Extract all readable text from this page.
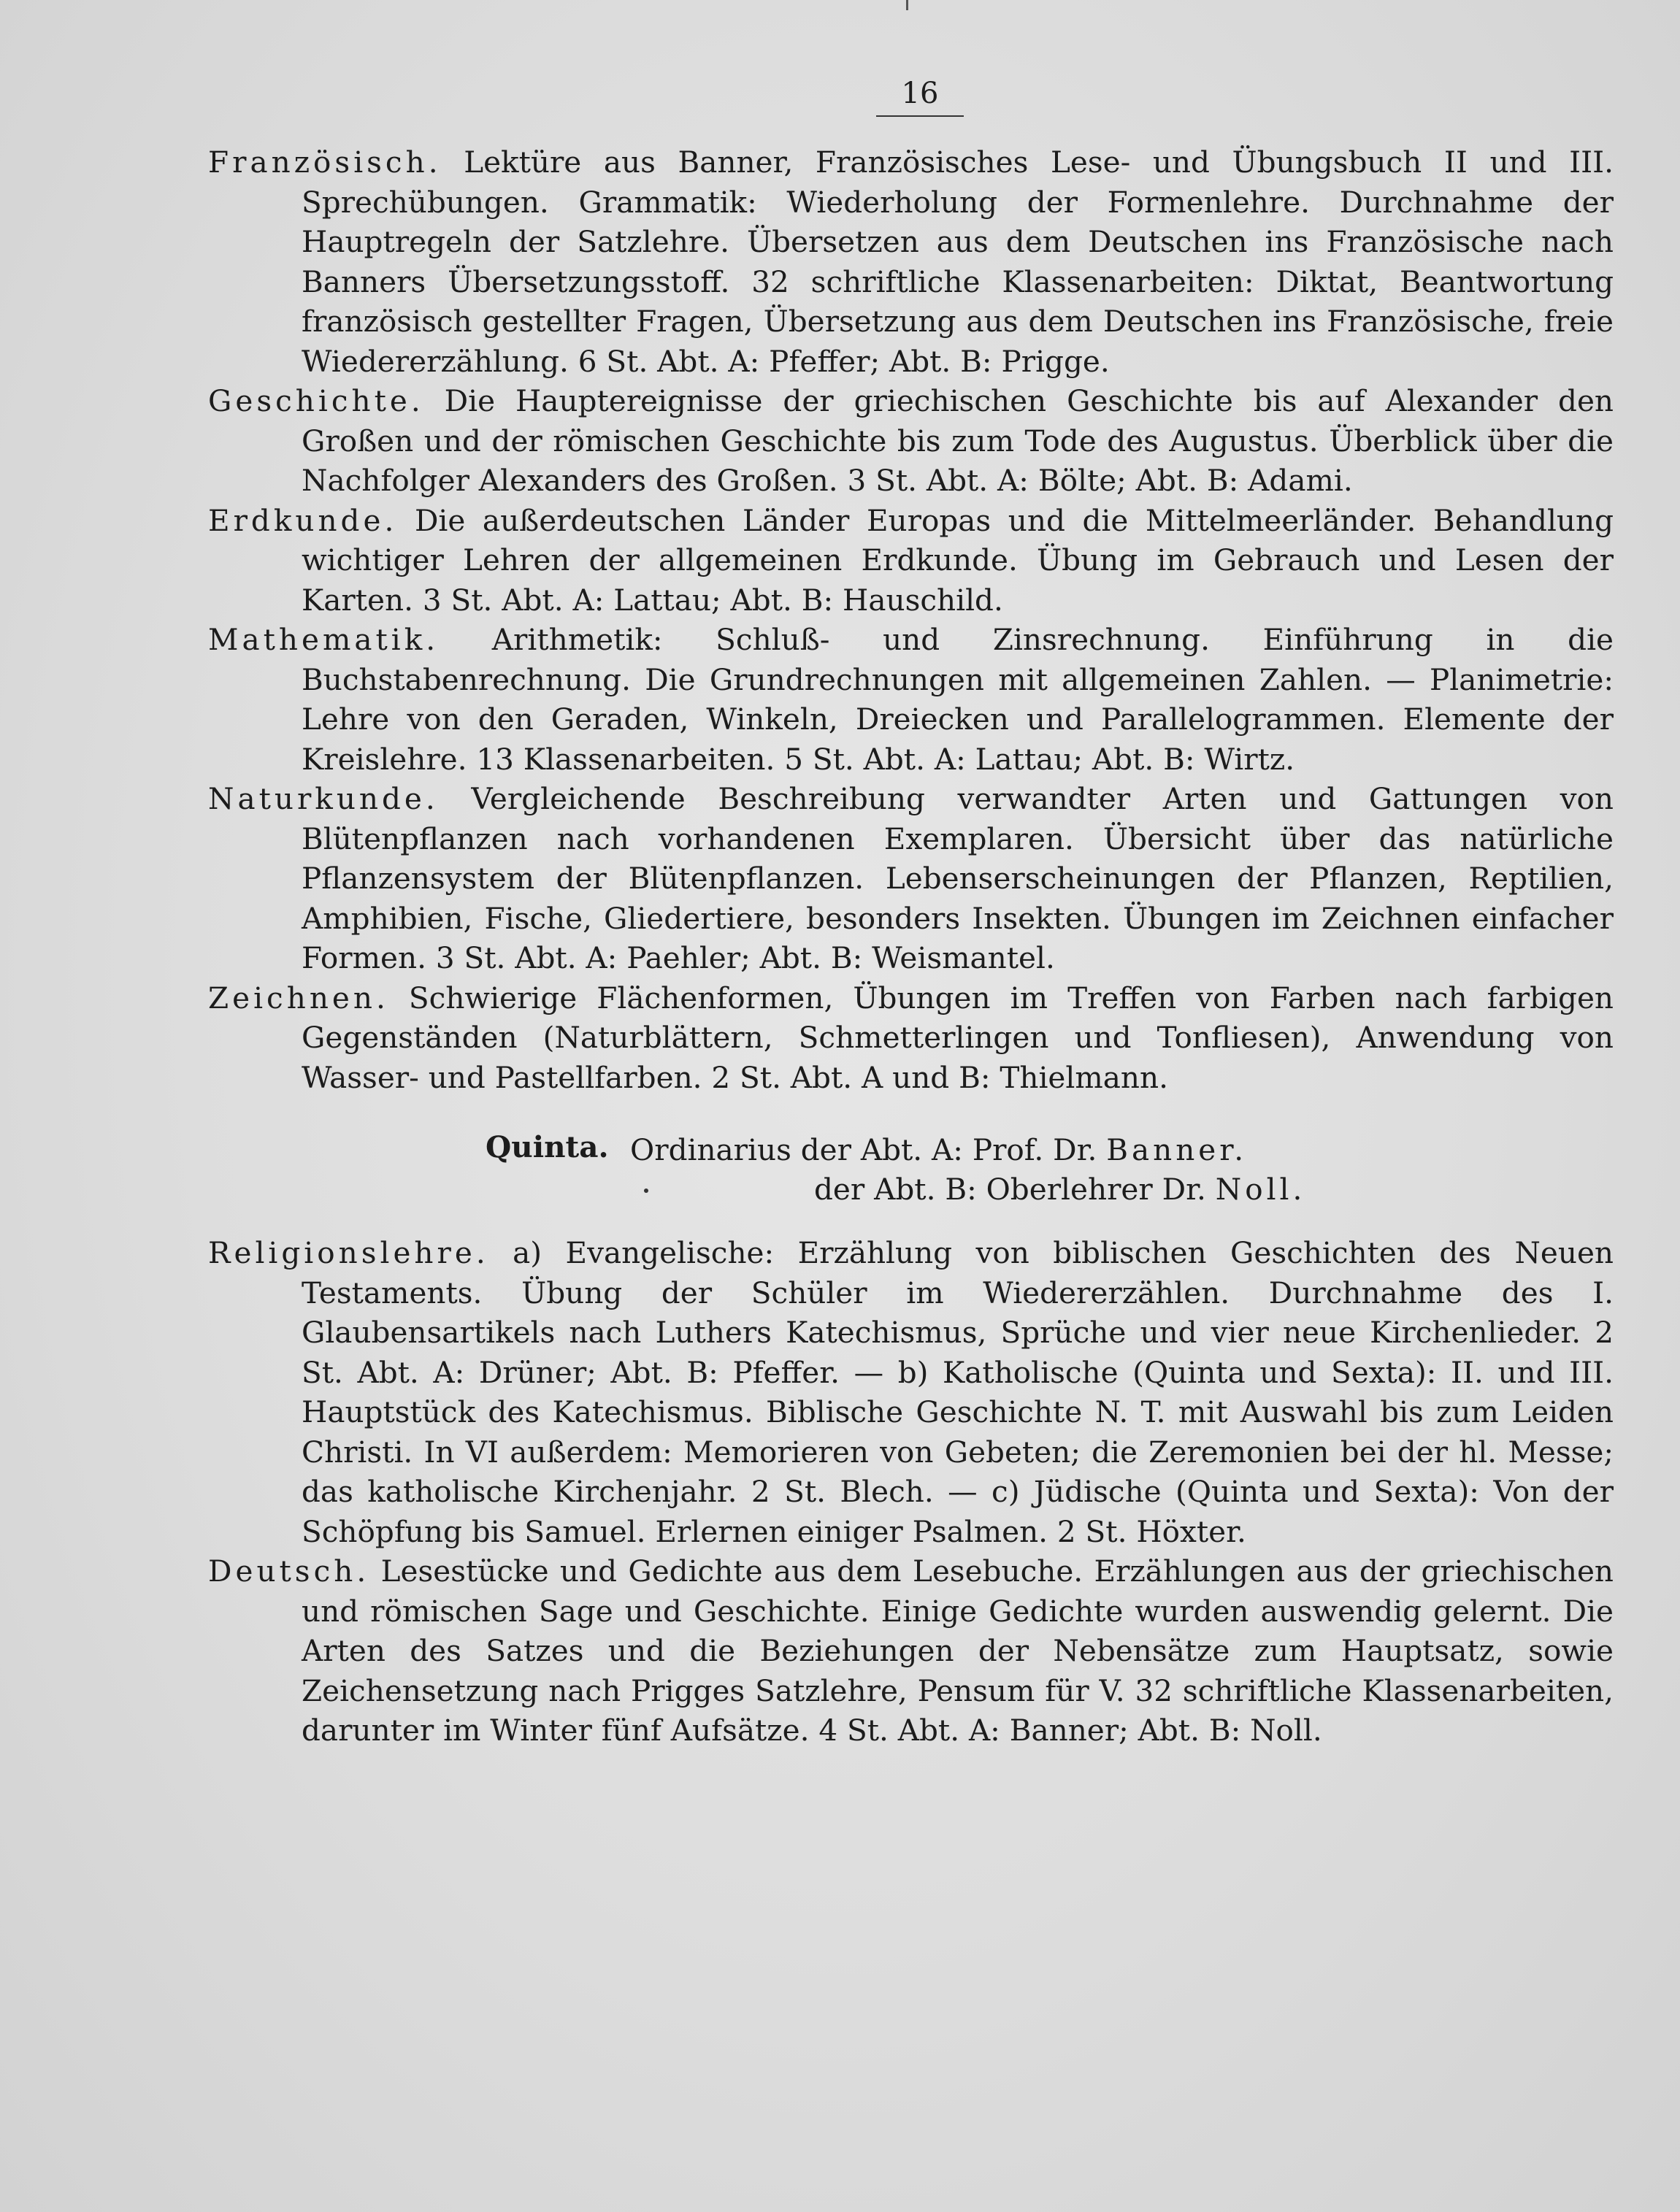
16

Französisch. Lektüre aus Banner, Französisches Lese- und Übungsbuch II und III. Sprechübungen. Grammatik: Wiederholung der Formenlehre. Durchnahme der Hauptregeln der Satzlehre. Übersetzen aus dem Deutschen ins Französische nach Banners Übersetzungsstoff. 32 schriftliche Klassenarbeiten: Diktat, Beantwortung französisch gestellter Fragen, Übersetzung aus dem Deutschen ins Französische, freie Wiedererzählung. 6 St. Abt. A: Pfeffer; Abt. B: Prigge.

Geschichte. Die Hauptereignisse der griechischen Geschichte bis auf Alexander den Großen und der römischen Geschichte bis zum Tode des Augustus. Überblick über die Nachfolger Alexanders des Großen. 3 St. Abt. A: Bölte; Abt. B: Adami.

Erdkunde. Die außerdeutschen Länder Europas und die Mittelmeerländer. Behandlung wichtiger Lehren der allgemeinen Erdkunde. Übung im Gebrauch und Lesen der Karten. 3 St. Abt. A: Lattau; Abt. B: Hauschild.

Mathematik. Arithmetik: Schluß- und Zinsrechnung. Einführung in die Buchstabenrechnung. Die Grundrechnungen mit allgemeinen Zahlen. — Planimetrie: Lehre von den Geraden, Winkeln, Dreiecken und Parallelogrammen. Elemente der Kreislehre. 13 Klassenarbeiten. 5 St. Abt. A: Lattau; Abt. B: Wirtz.

Naturkunde. Vergleichende Beschreibung verwandter Arten und Gattungen von Blütenpflanzen nach vorhandenen Exemplaren. Übersicht über das natürliche Pflanzensystem der Blütenpflanzen. Lebenserscheinungen der Pflanzen, Reptilien, Amphibien, Fische, Gliedertiere, besonders Insekten. Übungen im Zeichnen einfacher Formen. 3 St. Abt. A: Paehler; Abt. B: Weismantel.

Zeichnen. Schwierige Flächenformen, Übungen im Treffen von Farben nach farbigen Gegenständen (Naturblättern, Schmetterlingen und Tonfliesen), Anwendung von Wasser- und Pastellfarben. 2 St. Abt. A und B: Thielmann.

Quinta. Ordinarius der Abt. A: Prof. Dr. Banner.
der Abt. B: Oberlehrer Dr. Noll.

Religionslehre. a) Evangelische: Erzählung von biblischen Geschichten des Neuen Testaments. Übung der Schüler im Wiedererzählen. Durchnahme des I. Glaubensartikels nach Luthers Katechismus, Sprüche und vier neue Kirchenlieder. 2 St. Abt. A: Drüner; Abt. B: Pfeffer. — b) Katholische (Quinta und Sexta): II. und III. Hauptstück des Katechismus. Biblische Geschichte N. T. mit Auswahl bis zum Leiden Christi. In VI außerdem: Memorieren von Gebeten; die Zeremonien bei der hl. Messe; das katholische Kirchenjahr. 2 St. Blech. — c) Jüdische (Quinta und Sexta): Von der Schöpfung bis Samuel. Erlernen einiger Psalmen. 2 St. Höxter.

Deutsch. Lesestücke und Gedichte aus dem Lesebuche. Erzählungen aus der griechischen und römischen Sage und Geschichte. Einige Gedichte wurden auswendig gelernt. Die Arten des Satzes und die Beziehungen der Nebensätze zum Hauptsatz, sowie Zeichensetzung nach Prigges Satzlehre, Pensum für V. 32 schriftliche Klassenarbeiten, darunter im Winter fünf Aufsätze. 4 St. Abt. A: Banner; Abt. B: Noll.
